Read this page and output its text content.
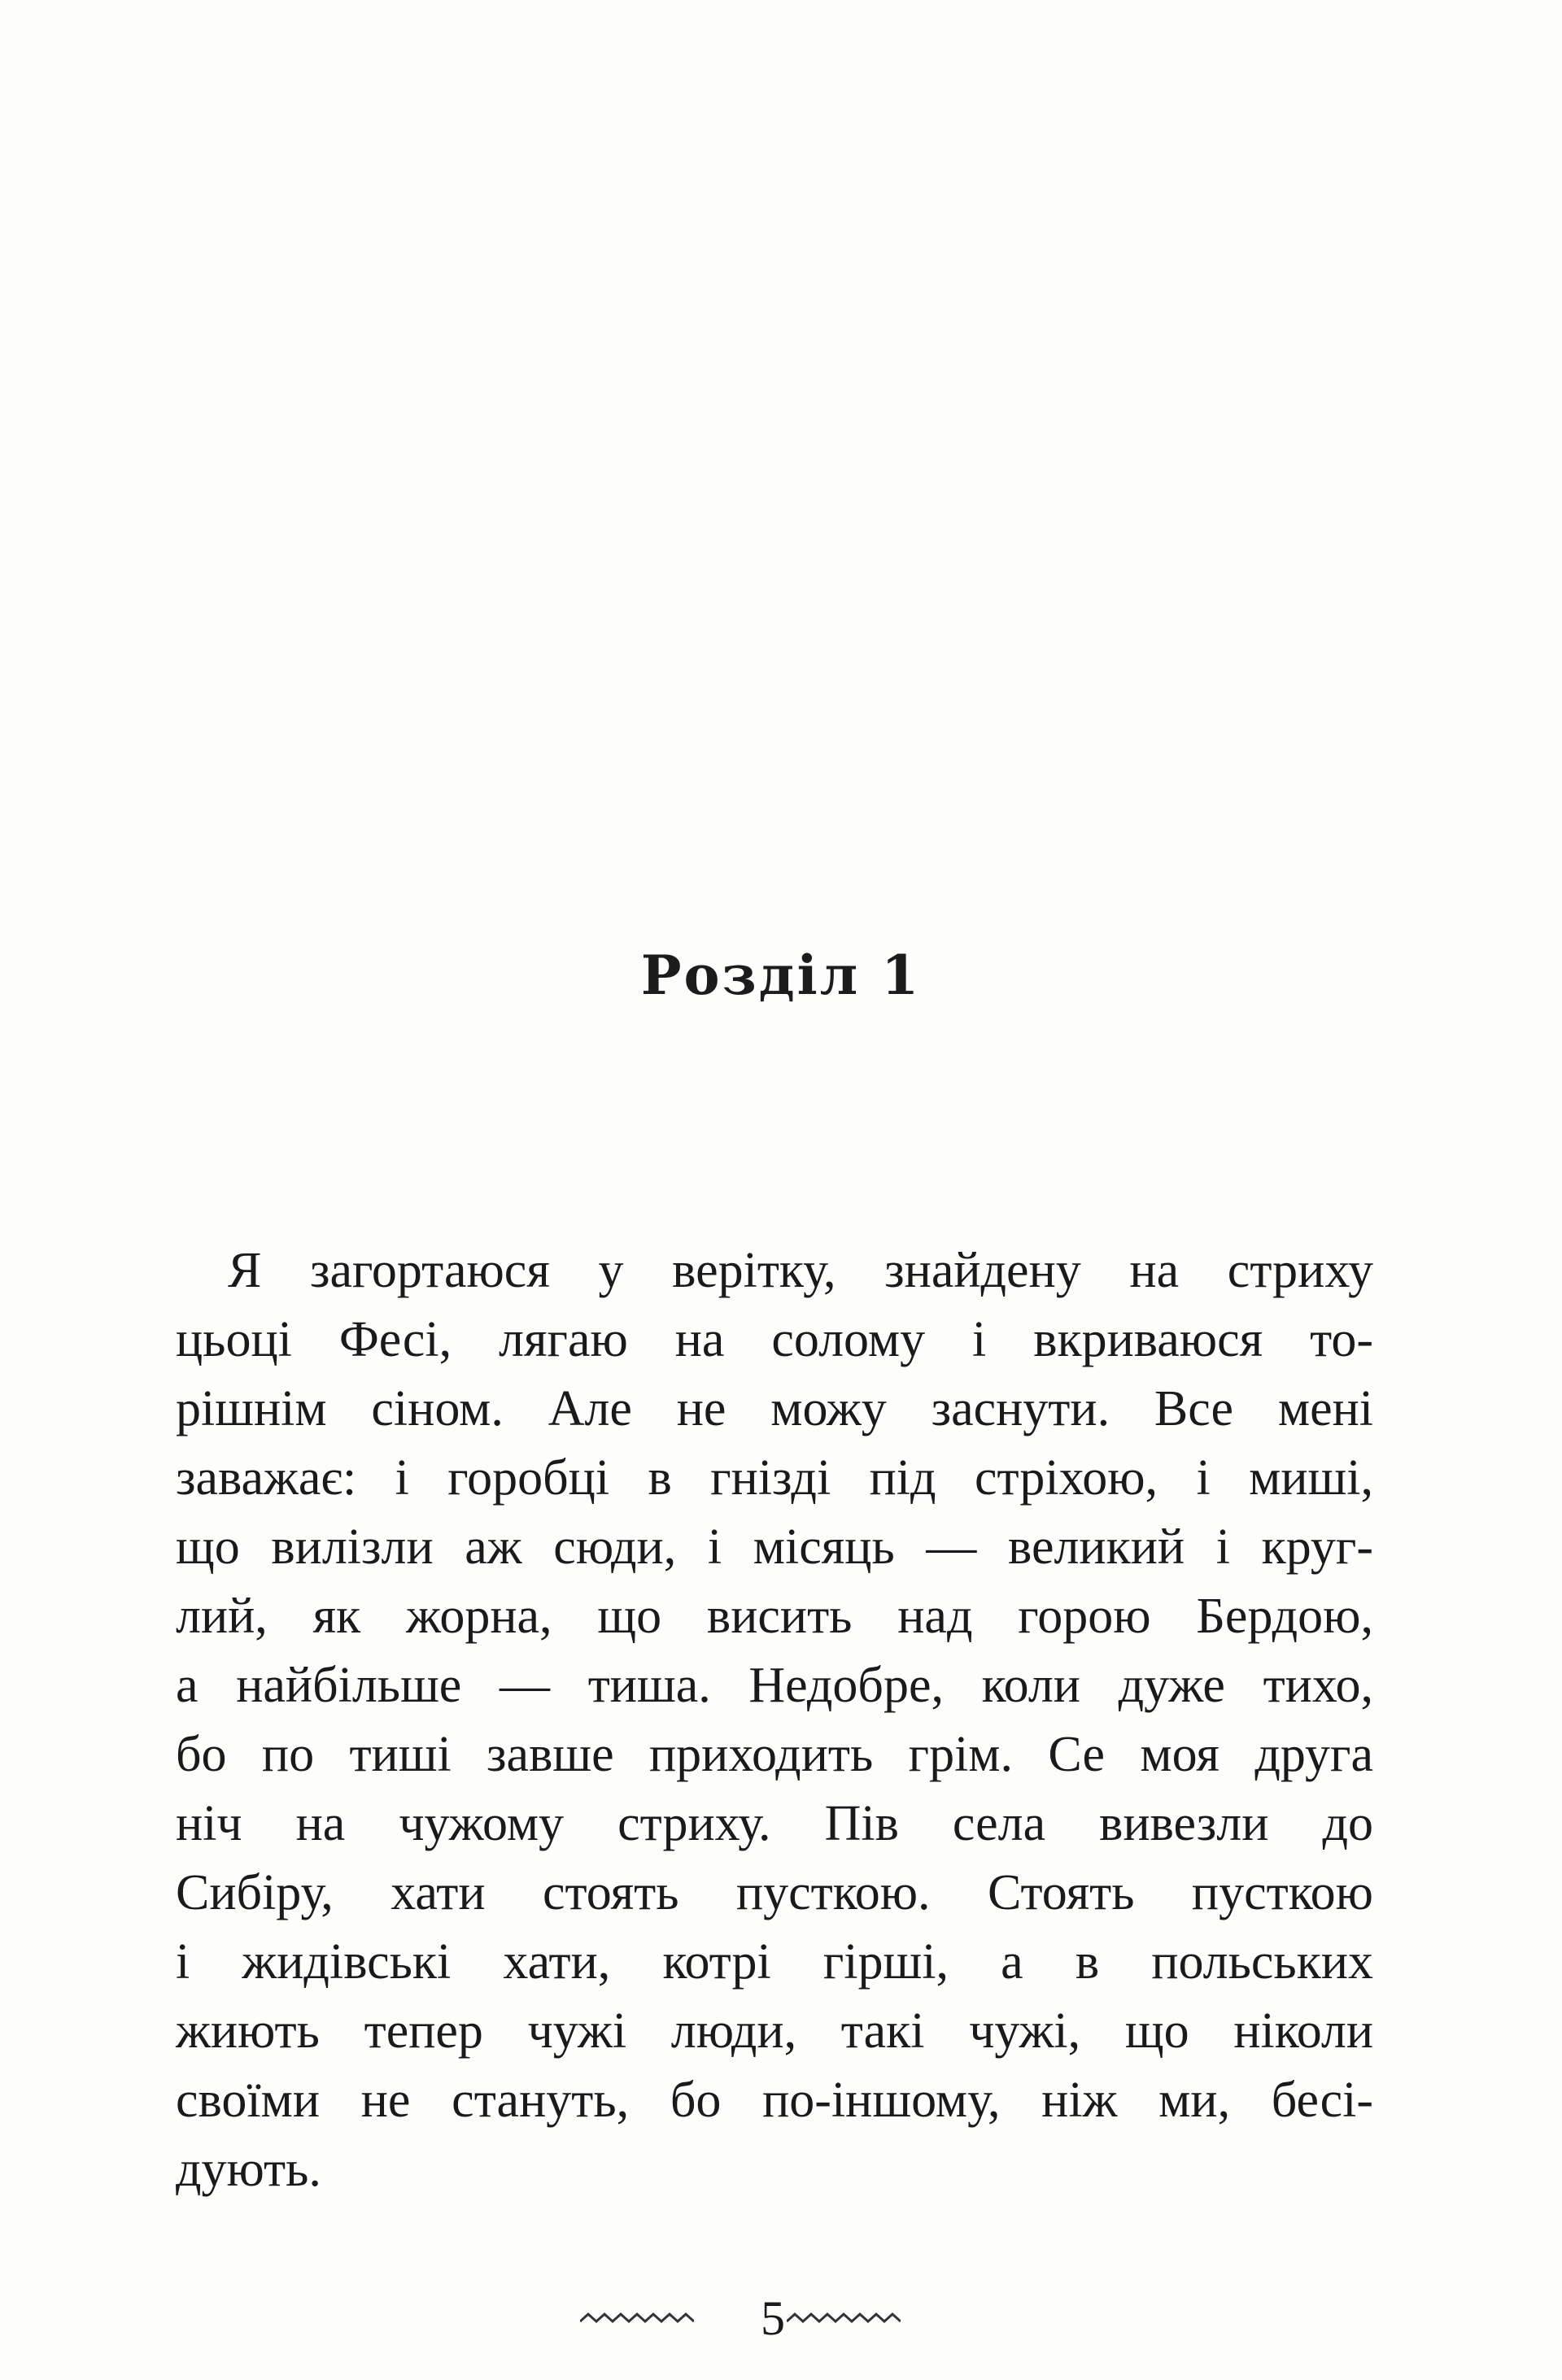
Розділ 1
Я загортаюся у верітку, знайдену на стриху
цьоці Фесі, лягаю на солому і вкриваюся то-
рішнім сіном. Але не можу заснути. Все мені
заважає: і горобці в гнізді під стріхою, і миші,
що вилізли аж сюди, і місяць — великий і круг-
лий, як жорна, що висить над горою Бердою,
а найбільше — тиша. Недобре, коли дуже тихо,
бо по тиші завше приходить грім. Се моя друга
ніч на чужому стриху. Пів села вивезли до
Сибіру, хати стоять пусткою. Стоять пусткою
і жидівські хати, котрі гірші, а в польських
жиють тепер чужі люди, такі чужі, що ніколи
своїми не стануть, бо по-іншому, ніж ми, бесі-
дують.
5
